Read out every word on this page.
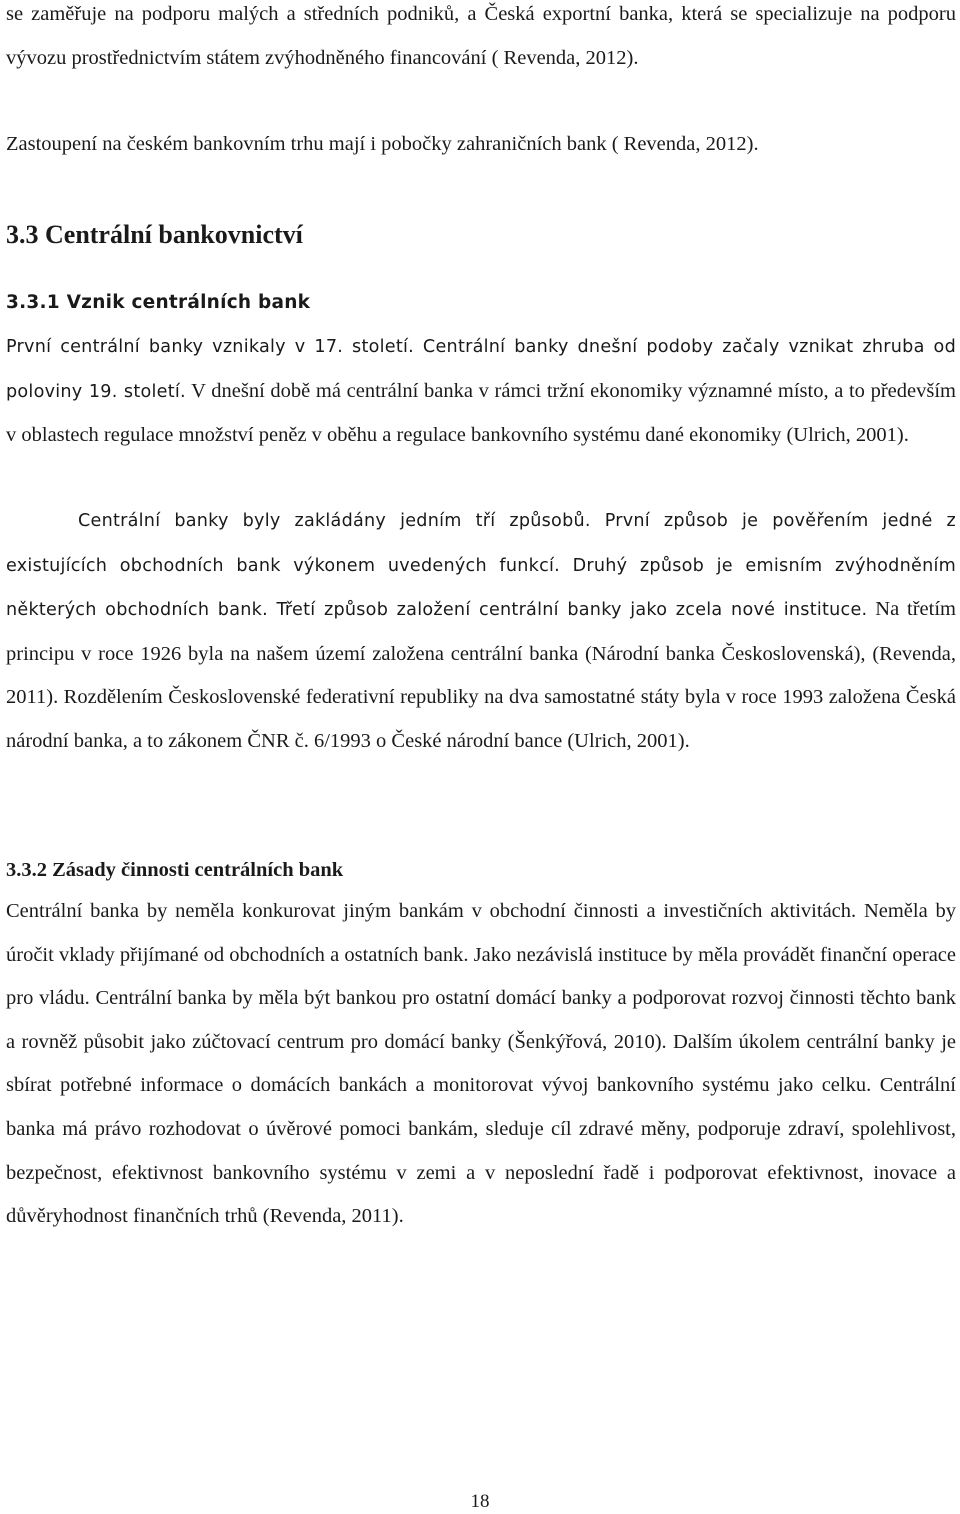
se zaměřuje na podporu malých a středních podniků, a Česká exportní banka, která se specializuje na podporu vývozu prostřednictvím státem zvýhodněného financování ( Revenda, 2012).

Zastoupení na českém bankovním trhu mají i pobočky zahraničních bank ( Revenda, 2012).

3.3 Centrální bankovnictví
3.3.1 Vznik centrálních bank

První centrální banky vznikaly v 17. století. Centrální banky dnešní podoby začaly vznikat zhruba od poloviny 19. století. V dnešní době má centrální banka v rámci tržní ekonomiky významné místo, a to především v oblastech regulace množství peněz v oběhu a regulace bankovního systému dané ekonomiky (Ulrich, 2001).

Centrální banky byly zakládány jedním tří způsobů. První způsob je pověřením jedné z existujících obchodních bank výkonem uvedených funkcí. Druhý způsob je emisním zvýhodněním některých obchodních bank. Třetí způsob založení centrální banky jako zcela nové instituce. Na třetím principu v roce 1926 byla na našem území založena centrální banka (Národní banka Československá), (Revenda, 2011). Rozdělením Československé federativní republiky na dva samostatné státy byla v roce 1993 založena Česká národní banka, a to zákonem ČNR č. 6/1993 o České národní bance (Ulrich, 2001).

3.3.2 Zásady činnosti centrálních bank

Centrální banka by neměla konkurovat jiným bankám v obchodní činnosti a investičních aktivitách. Neměla by úročit vklady přijímané od obchodních a ostatních bank. Jako nezávislá instituce by měla provádět finanční operace pro vládu. Centrální banka by měla být bankou pro ostatní domácí banky a podporovat rozvoj činnosti těchto bank a rovněž působit jako zúčtovací centrum pro domácí banky (Šenkýřová, 2010). Dalším úkolem centrální banky je sbírat potřebné informace o domácích bankách a monitorovat vývoj bankovního systému jako celku. Centrální banka má právo rozhodovat o úvěrové pomoci bankám, sleduje cíl zdravé měny, podporuje zdraví, spolehlivost, bezpečnost, efektivnost bankovního systému v zemi a v neposlední řadě i podporovat efektivnost, inovace a důvěryhodnost finančních trhů (Revenda, 2011).

18
